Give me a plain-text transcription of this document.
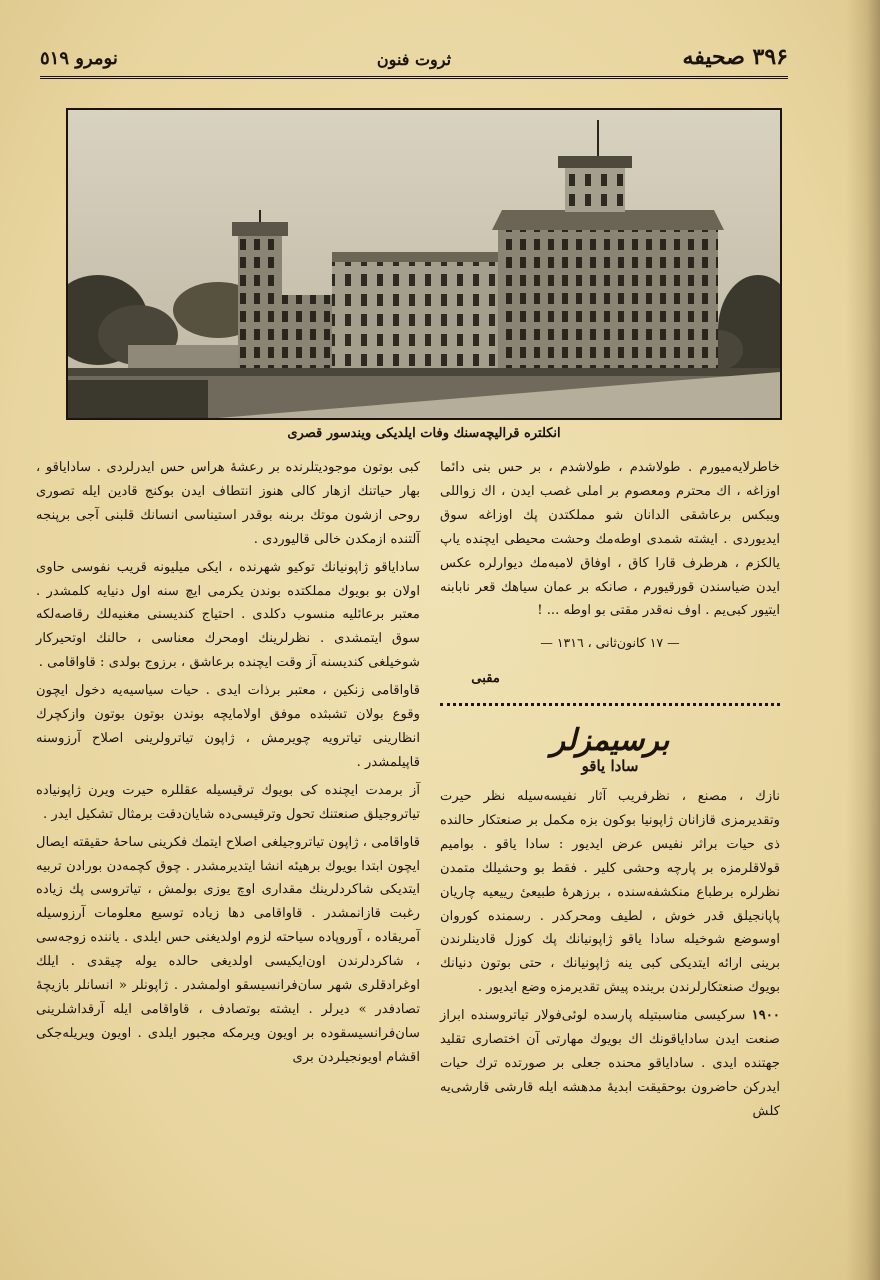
۳۹۶ صحیفه
ثروت فنون
نومرو ٥١٩
انکلتره قرالیچه‌سنك وفات ایلدیکی ویندسور قصری

خاطرلایه‌میورم . طولاشدم ، طولاشدم ، بر حس بنی دائما اوزاغه ، اك محترم ومعصوم بر املی غصب ایدن ، اك زواللی ویبکس برعاشقی الدانان شو مملکتدن پك اوزاغه سوق ایدیوردی . ایشته شمدی اوطه‌مك وحشت محیطی ایچنده یاپ یالکزم ، هرطرف قارا کاق ، اوفاق لامبه‌مك دیوارلره عکس ایدن ضیاسندن قورقیورم ، صانکه بر عمان سیاهك قعر نابابنه ایتیور کبی‌یم . اوف نه‌قدر مقتی بو اوطه ... !

— ۱۷ کانون‌ثانی ، ۱۳۱٦ —
مقبی
برسیمزلر
سادا یاقو

نازك ، مصنع ، نظرفریب آثار نفیسه‌سیله نظر حیرت وتقدیرمزی قازانان ژاپونیا بوکون بزه مکمل بر صنعتکار حالنده ذی حیات براثر نفیس عرض ایدیور : سادا یاقو . بوامیم قولاقلرمزه بر پارچه وحشی کلیر . فقط بو وحشیلك متمدن نظرلره برطباع منکشفه‌سنده ، برزهرهٔ طبیعیٔ رییعیه چاریان پاپانجیلق قدر خوش ، لطیف ومحرکدر . رسمنده کوروان اوسوضع شوخیله سادا یاقو ژاپونیانك پك کوزل قادینلرندن برینی ارائه ایتدیکی کبی ینه ژاپونیانك ، حتی بوتون دنیانك بویوك صنعتکارلرندن برینده پیش تقدیرمزه وضع ایدیور .

۱۹۰۰ سرکیسی مناسبتیله پارسده لوئی‌فولار تیاتروسنده ابراز صنعت ایدن سادایاقونك اك بویوك مهارتی آن اختصاری تقلید جهتنده ایدی . سادایاقو محنده جعلی بر صورتده ترك حیات ایدرکن حاضرون بوحقیقت ابدیهٔ مدهشه ایله قارشی قارشی‌یه کلش

کبی بوتون موجودیتلرنده بر رعشهٔ هراس حس ایدرلردی . سادایاقو ، بهار حیاتنك ازهار کالی هنوز انتطاف ایدن بوکنج قادین ایله تصوری روحی ازشون موتك بربنه بوقدر استیناسی انسانك قلبنی آجی برپنجه آلتنده ازمکدن خالی قالیوردی .

سادایاقو ژاپونیانك توکیو شهرنده ، ایکی میلیونه قریب نفوسی حاوی اولان بو بویوك مملکتده بوندن یکرمی ایچ سنه اول دنیایه کلمشدر . معتبر برعائلیه منسوب دکلدی . احتیاج کندیسنی مغنیه‌لك رقاصه‌لکه سوق ایتمشدی . نظرلرینك اومحرك معناسی ، حالنك اوتحیرکار شوخیلغی کندیسنه آز وقت ایچنده برعاشق ، برزوج بولدی : قاواقامی .

قاواقامی زنکین ، معتبر برذات ایدی . حیات سیاسیه‌یه دخول ایچون وقوع بولان تشبثده موفق اولامایچه بوندن بوتون بوتون وازکچرك انظارینی تیاترویه چویرمش ، ژاپون تیاترولرینی اصلاح آرزوسنه قاپیلمشدر .

آز برمدت ایچنده کی بویوك ترقیسیله عقللره حیرت ویرن ژاپونیاده تیاتروجیلق صنعتنك تحول وترقیسی‌ده شایان‌دقت برمثال تشکیل ایدر .

قاواقامی ، ژاپون تیاتروجیلغی اصلاح ایتمك فکرینی ساحهٔ حقیقته ایصال ایچون ابتدا بویوك برهیئه انشا ایتدیرمشدر . چوق کچمه‌دن بورادن تربیه ایتدیکی شاکردلرینك مقداری اوچ یوزی بولمش ، تیاتروسی پك زیاده رغبت قازانمشدر . قاواقامی دها زیاده توسیع معلومات آرزوسیله آمریقاده ، آوروپاده سیاحته لزوم اولدیغنی حس ایلدی . یاننده زوجه‌سی ، شاکردلرندن اون‌ایکیسی اولدیغی حالده یوله چیقدی . ایلك اوغرادقلری شهر سان‌فرانسیسقو اولمشدر . ژاپونلر « انسانلر بازیچهٔ تصادفدر » دیرلر . ایشته بوتصادف ، قاواقامی ایله آرقداشلرینی سان‌فرانسیسقوده بر اویون ویرمکه مجبور ایلدی . اویون ویریله‌جکی اقشام اویونجیلردن بری
